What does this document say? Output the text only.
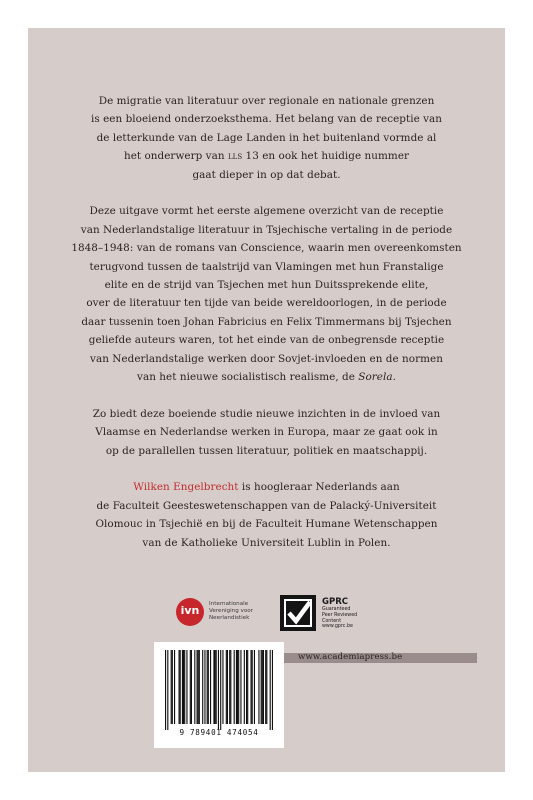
De migratie van literatuur over regionale en nationale grenzen
is een bloeiend onderzoeksthema. Het belang van de receptie van
de letterkunde van de Lage Landen in het buitenland vormde al
het onderwerp van lls 13 en ook het huidige nummer
gaat dieper in op dat debat.

Deze uitgave vormt het eerste algemene overzicht van de receptie
van Nederlandstalige literatuur in Tsjechische vertaling in de periode
1848–1948: van de romans van Conscience, waarin men overeenkomsten
terugvond tussen de taalstrijd van Vlamingen met hun Franstalige
elite en de strijd van Tsjechen met hun Duitssprekende elite,
over de literatuur ten tijde van beide wereldoorlogen, in de periode
daar tussenin toen Johan Fabricius en Felix Timmermans bij Tsjechen
geliefde auteurs waren, tot het einde van de onbegrensde receptie
van Nederlandstalige werken door Sovjet-invloeden en de normen
van het nieuwe socialistisch realisme, de Sorela.

Zo biedt deze boeiende studie nieuwe inzichten in de invloed van
Vlaamse en Nederlandse werken in Europa, maar ze gaat ook in
op de parallellen tussen literatuur, politiek en maatschappij.

Wilken Engelbrecht is hoogleraar Nederlands aan
de Faculteit Geesteswetenschappen van de Palacký-Universiteit
Olomouc in Tsjechië en bij de Faculteit Humane Wetenschappen
van de Katholieke Universiteit Lublin in Polen.

ivn	Internationale
Vereniging voor
Neerlandistiek
GPRC
Guaranteed
Peer Reviewed
Content
www.gprc.be
9 789401 474054
www.academiapress.be
